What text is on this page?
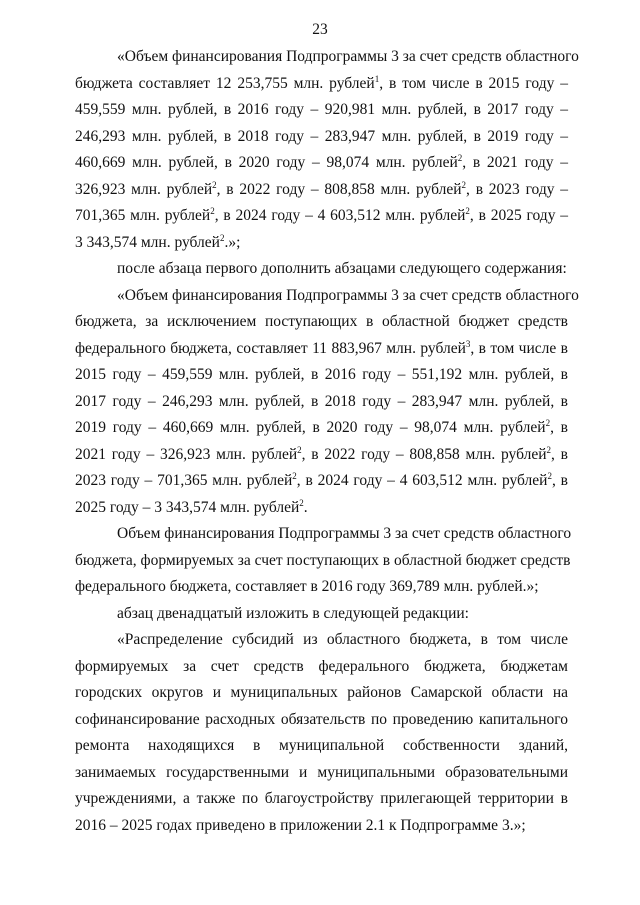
23
«Объем финансирования Подпрограммы 3 за счет средств областного
бюджета составляет 12 253,755 млн. рублей$^1$, в том числе в 2015 году –
459,559 млн. рублей, в 2016 году – 920,981 млн. рублей, в 2017 году –
246,293 млн. рублей, в 2018 году – 283,947 млн. рублей, в 2019 году –
460,669 млн. рублей, в 2020 году – 98,074 млн. рублей$^2$, в 2021 году –
326,923 млн. рублей$^2$, в 2022 году – 808,858 млн. рублей$^2$, в 2023 году –
701,365 млн. рублей$^2$, в 2024 году – 4 603,512 млн. рублей$^2$, в 2025 году –
3 343,574 млн. рублей$^2$.»;
после абзаца первого дополнить абзацами следующего содержания:
«Объем финансирования Подпрограммы 3 за счет средств областного
бюджета, за исключением поступающих в областной бюджет средств
федерального бюджета, составляет 11 883,967 млн. рублей$^3$, в том числе в
2015 году – 459,559 млн. рублей, в 2016 году – 551,192 млн. рублей, в
2017 году – 246,293 млн. рублей, в 2018 году – 283,947 млн. рублей, в
2019 году – 460,669 млн. рублей, в 2020 году – 98,074 млн. рублей$^2$, в
2021 году – 326,923 млн. рублей$^2$, в 2022 году – 808,858 млн. рублей$^2$, в
2023 году – 701,365 млн. рублей$^2$, в 2024 году – 4 603,512 млн. рублей$^2$, в
2025 году – 3 343,574 млн. рублей$^2$.
Объем финансирования Подпрограммы 3 за счет средств областного
бюджета, формируемых за счет поступающих в областной бюджет средств
федерального бюджета, составляет в 2016 году 369,789 млн. рублей.»;
абзац двенадцатый изложить в следующей редакции:
«Распределение субсидий из областного бюджета, в том числе
формируемых за счет средств федерального бюджета, бюджетам
городских округов и муниципальных районов Самарской области на
софинансирование расходных обязательств по проведению капитального
ремонта находящихся в муниципальной собственности зданий,
занимаемых государственными и муниципальными образовательными
учреждениями, а также по благоустройству прилегающей территории в
2016 – 2025 годах приведено в приложении 2.1 к Подпрограмме 3.»;
